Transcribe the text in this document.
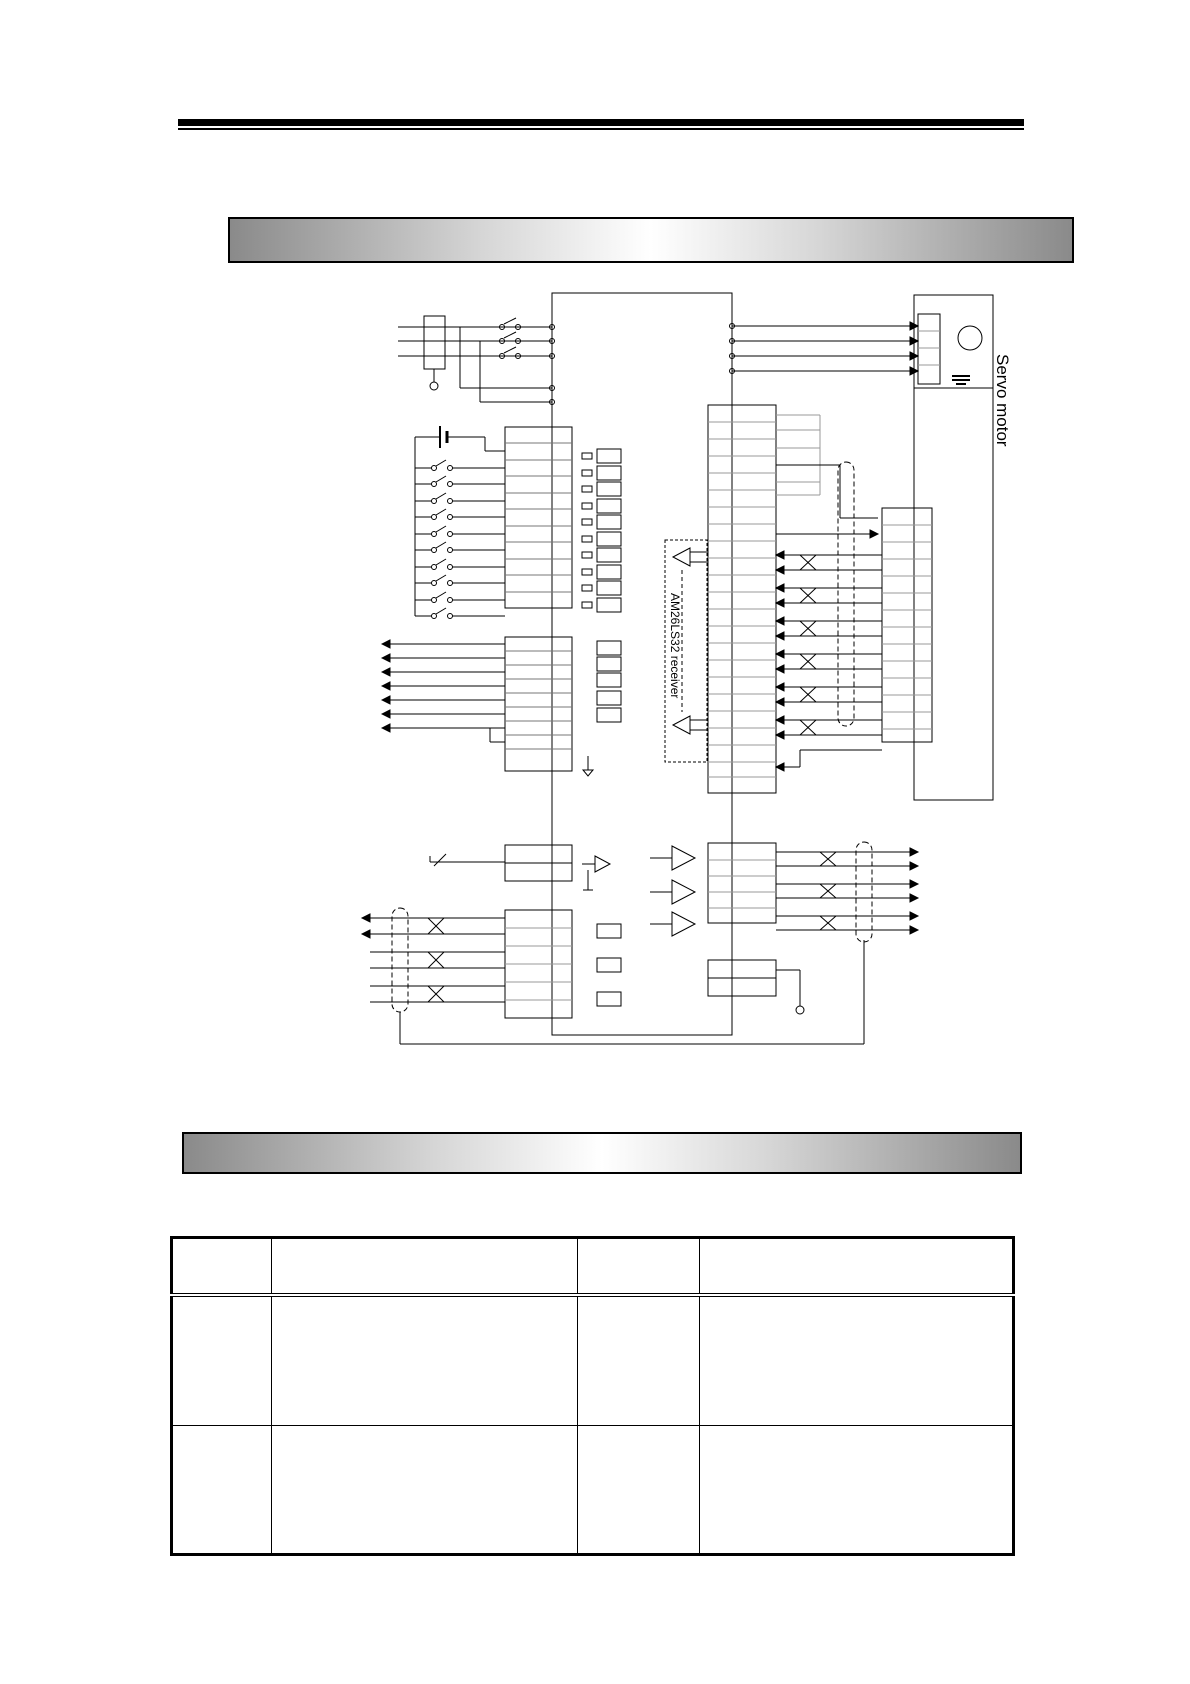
Servo motor
AM26LS32 receiver
